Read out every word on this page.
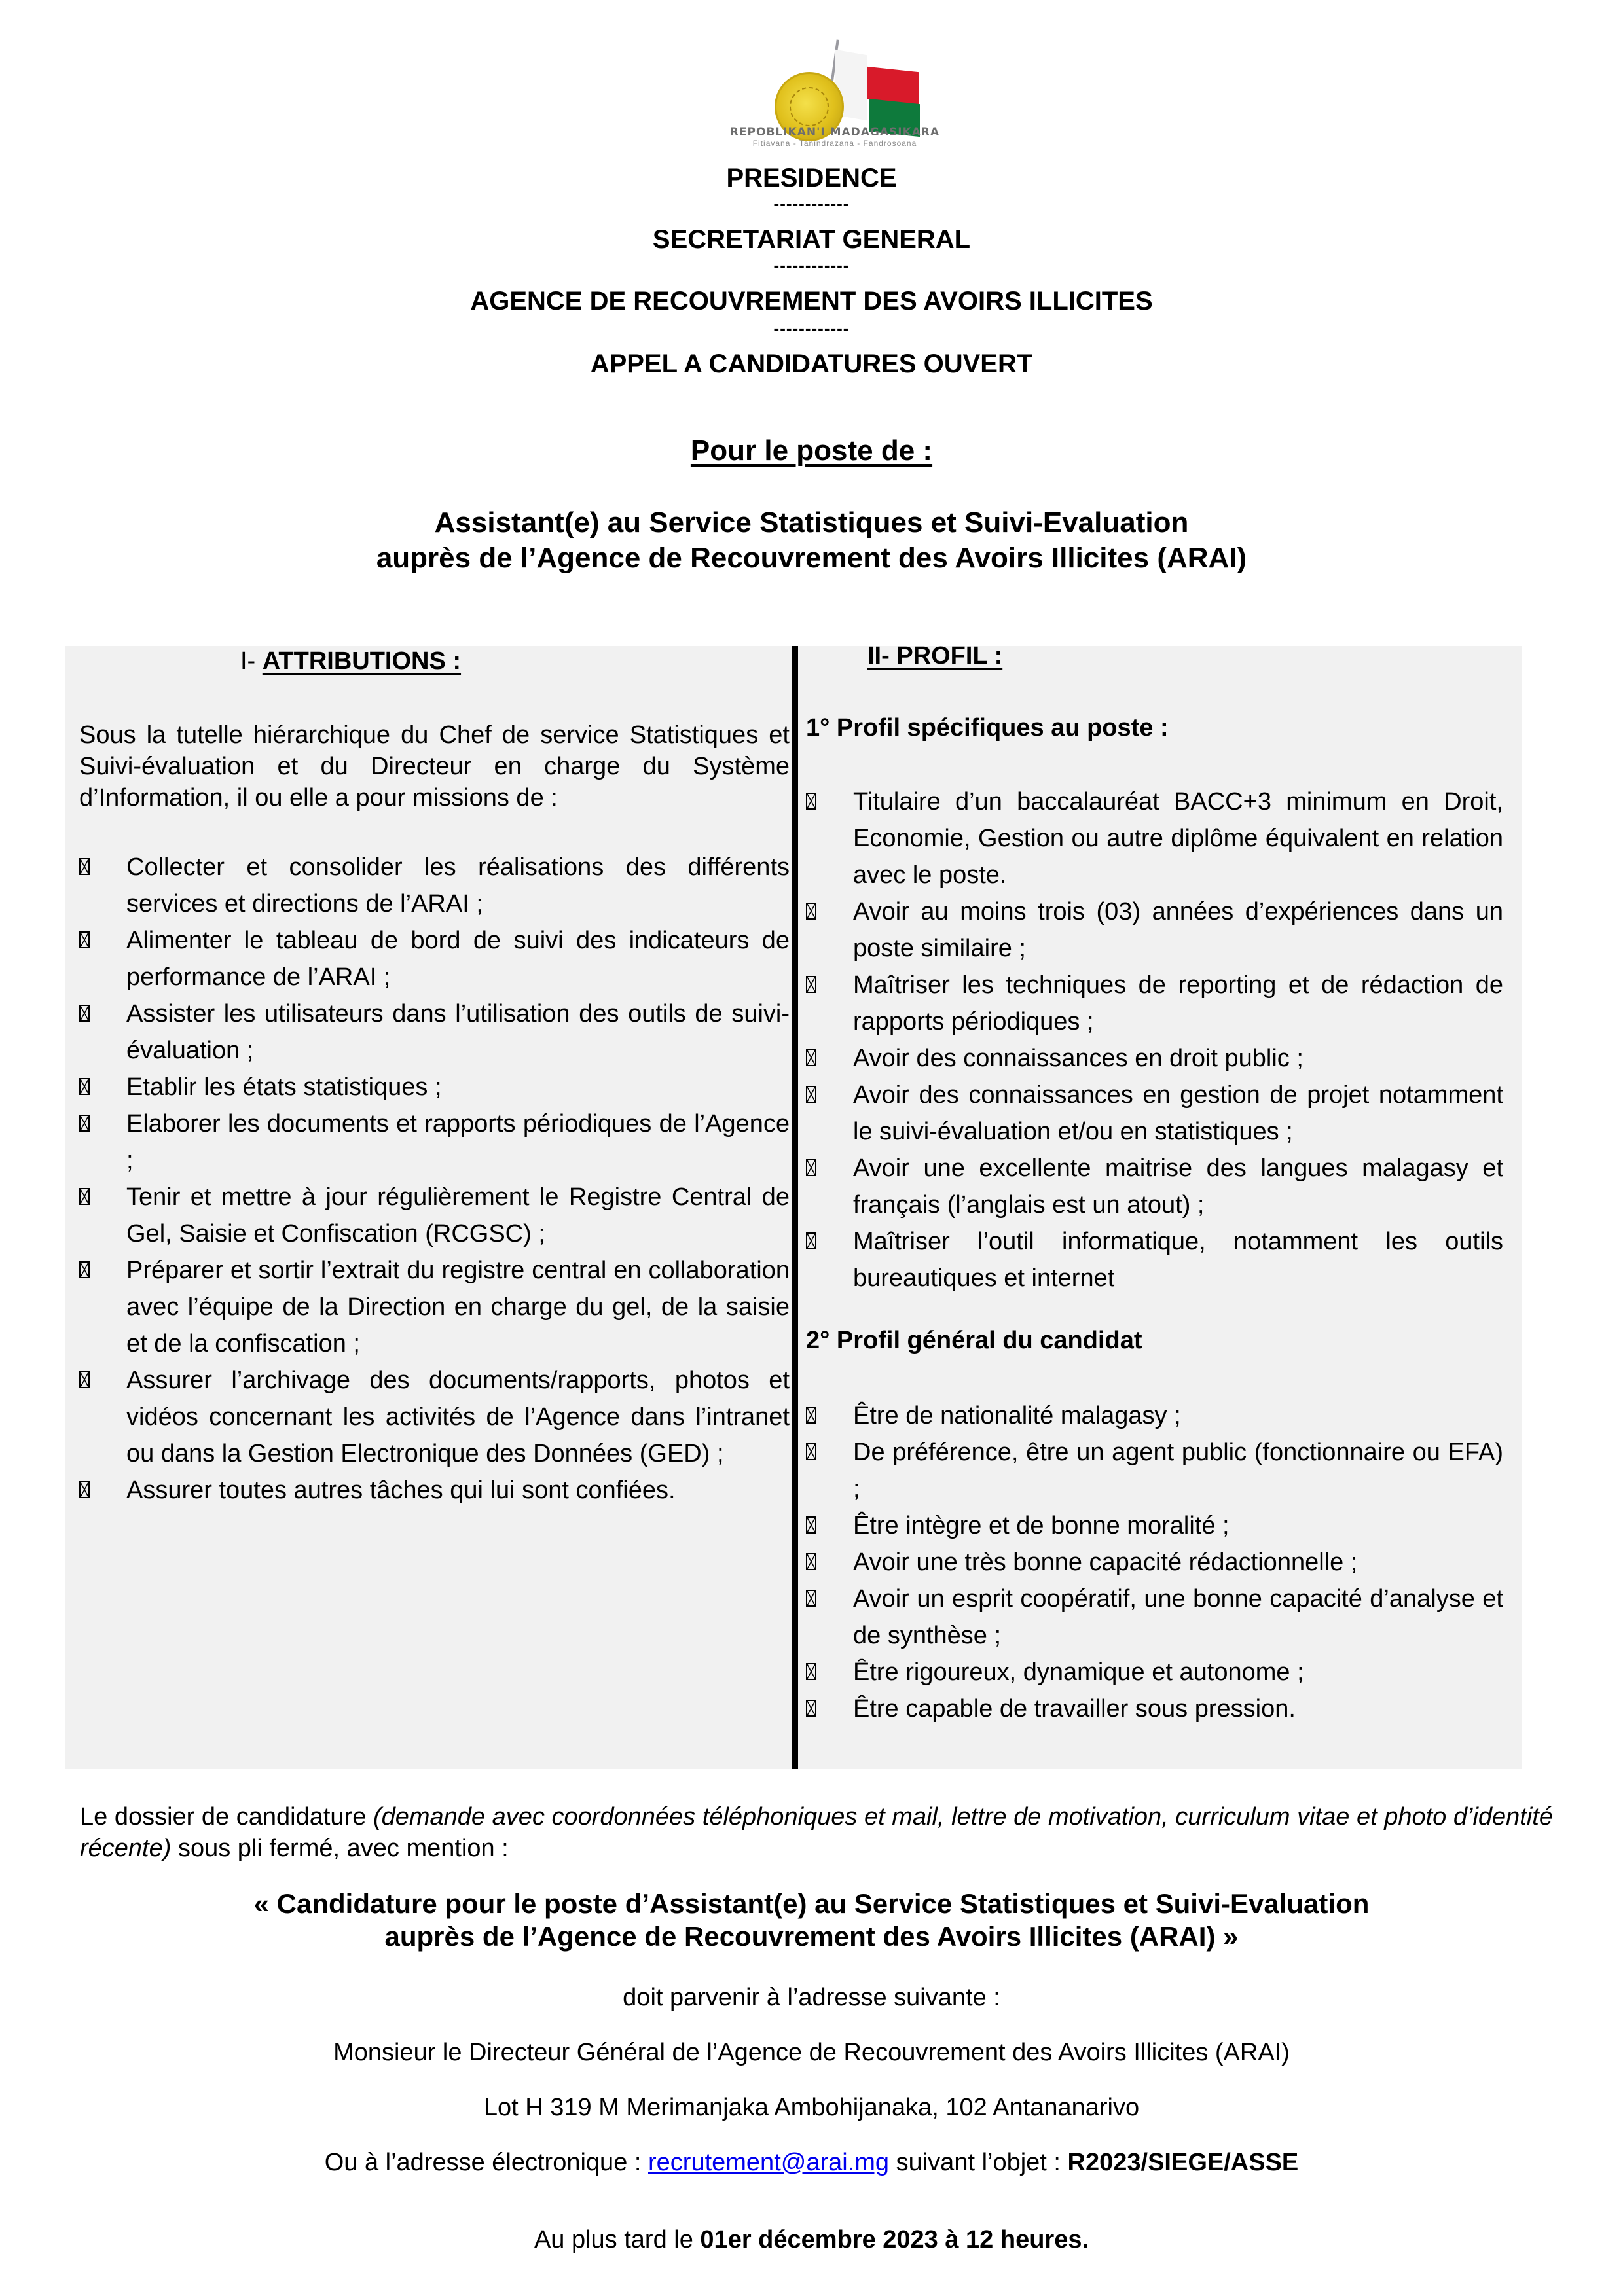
REPOBLIKAN'I MADAGASIKARA
Fitiavana - Tanindrazana - Fandrosoana
PRESIDENCE
------------
SECRETARIAT GENERAL
------------
AGENCE DE RECOUVREMENT DES AVOIRS ILLICITES
------------
APPEL A CANDIDATURES OUVERT
Pour le poste de :
Assistant(e) au Service Statistiques et Suivi-Evaluation
auprès de l’Agence de Recouvrement des Avoirs Illicites (ARAI)
I- ATTRIBUTIONS :
Sous la tutelle hiérarchique du Chef de service Statistiques et Suivi-évaluation et du Directeur en charge du Système d’Information, il ou elle a pour missions de :
Collecter et consolider les réalisations des différents services et directions de l’ARAI ;
Alimenter le tableau de bord de suivi des indicateurs de performance de l’ARAI ;
Assister les utilisateurs dans l’utilisation des outils de suivi-évaluation ;
Etablir les états statistiques ;
Elaborer les documents et rapports périodiques de l’Agence ;
Tenir et mettre à jour régulièrement le Registre Central de Gel, Saisie et Confiscation (RCGSC) ;
Préparer et sortir l’extrait du registre central en collaboration avec l’équipe de la Direction en charge du gel, de la saisie et de la confiscation ;
Assurer l’archivage des documents/rapports, photos et vidéos concernant les activités de l’Agence dans l’intranet ou dans la Gestion Electronique des Données (GED) ;
Assurer toutes autres tâches qui lui sont confiées.
II- PROFIL :
1° Profil spécifiques au poste :
Titulaire d’un baccalauréat BACC+3 minimum en Droit, Economie, Gestion ou autre diplôme équivalent en relation avec le poste.
Avoir au moins trois (03) années d’expériences dans un poste similaire ;
Maîtriser les techniques de reporting et de rédaction de rapports périodiques ;
Avoir des connaissances en droit public ;
Avoir des connaissances en gestion de projet notamment le suivi-évaluation et/ou en statistiques ;
Avoir une excellente maitrise des langues malagasy et français (l’anglais est un atout) ;
Maîtriser l’outil informatique, notamment les outils bureautiques et internet
2° Profil général du candidat
Être de nationalité malagasy ;
De préférence, être un agent public (fonctionnaire ou EFA) ;
Être intègre et de bonne moralité ;
Avoir une très bonne capacité rédactionnelle ;
Avoir un esprit coopératif, une bonne capacité d’analyse et de synthèse ;
Être rigoureux, dynamique et autonome ;
Être capable de travailler sous pression.
Le dossier de candidature (demande avec coordonnées téléphoniques et mail, lettre de motivation, curriculum vitae et photo d’identité récente) sous pli fermé, avec mention :
« Candidature pour le poste d’Assistant(e) au Service Statistiques et Suivi-Evaluation
auprès de l’Agence de Recouvrement des Avoirs Illicites (ARAI) »
doit parvenir à l’adresse suivante :
Monsieur le Directeur Général de l’Agence de Recouvrement des Avoirs Illicites (ARAI)
Lot H 319 M Merimanjaka Ambohijanaka, 102 Antananarivo
Ou à l’adresse électronique : recrutement@arai.mg suivant l’objet : R2023/SIEGE/ASSE
Au plus tard le 01er décembre 2023 à 12 heures.
